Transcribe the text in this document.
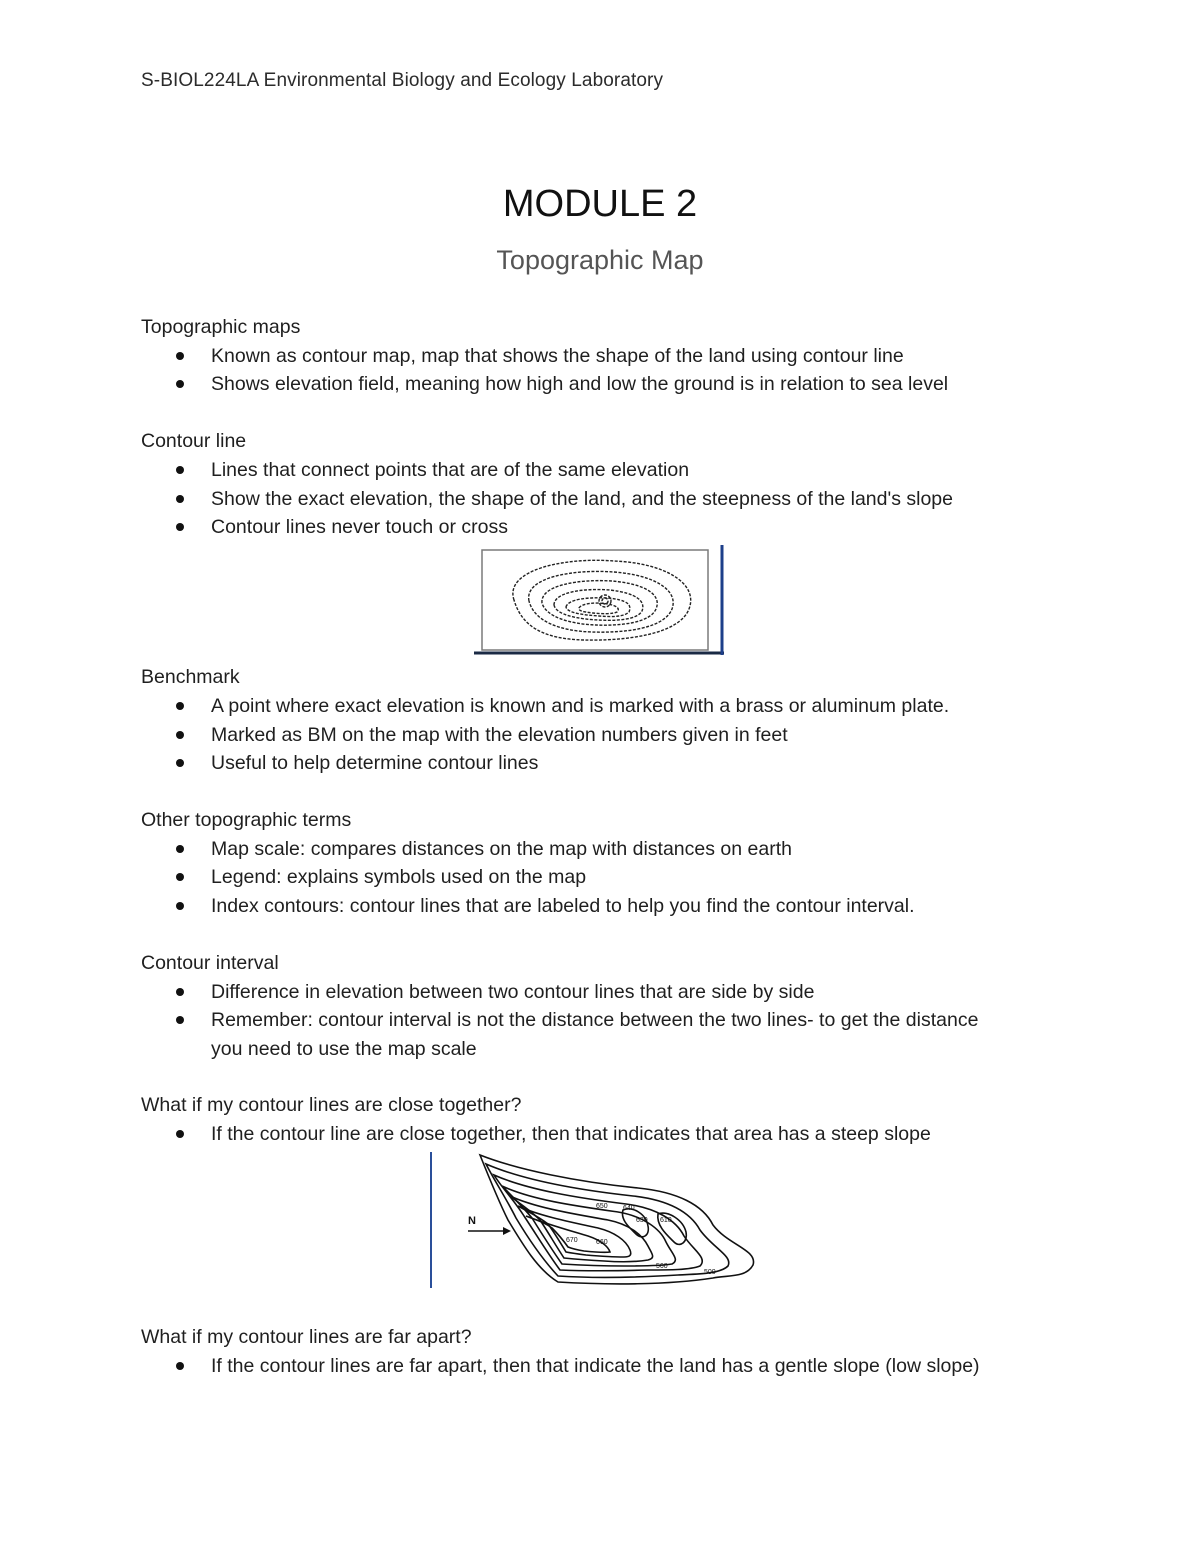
S-BIOL224LA Environmental Biology and Ecology Laboratory
MODULE 2
Topographic Map
Topographic maps
Known as contour map, map that shows the shape of the land using contour line
Shows elevation field, meaning how high and low the ground is in relation to sea level
Contour line
Lines that connect points that are of the same elevation
Show the exact elevation, the shape of the land, and the steepness of the land's slope
Contour lines never touch or cross
Benchmark
A point where exact elevation is known and is marked with a brass or aluminum plate.
Marked as BM on the map with the elevation numbers given in feet
Useful to help determine contour lines
Other topographic terms
Map scale: compares distances on the map with distances on earth
Legend: explains symbols used on the map
Index contours: contour lines that are labeled to help you find the contour interval.
Contour interval
Difference in elevation between two contour lines that are side by side
Remember: contour interval is not the distance between the two lines- to get the distance you need to use the map scale
What if my contour lines are close together?
If the contour line are close together, then that indicates that area has a steep slope
N
650 640
630 610
670	660
500
560
What if my contour lines are far apart?
If the contour lines are far apart, then that indicate the land has a gentle slope (low slope)
